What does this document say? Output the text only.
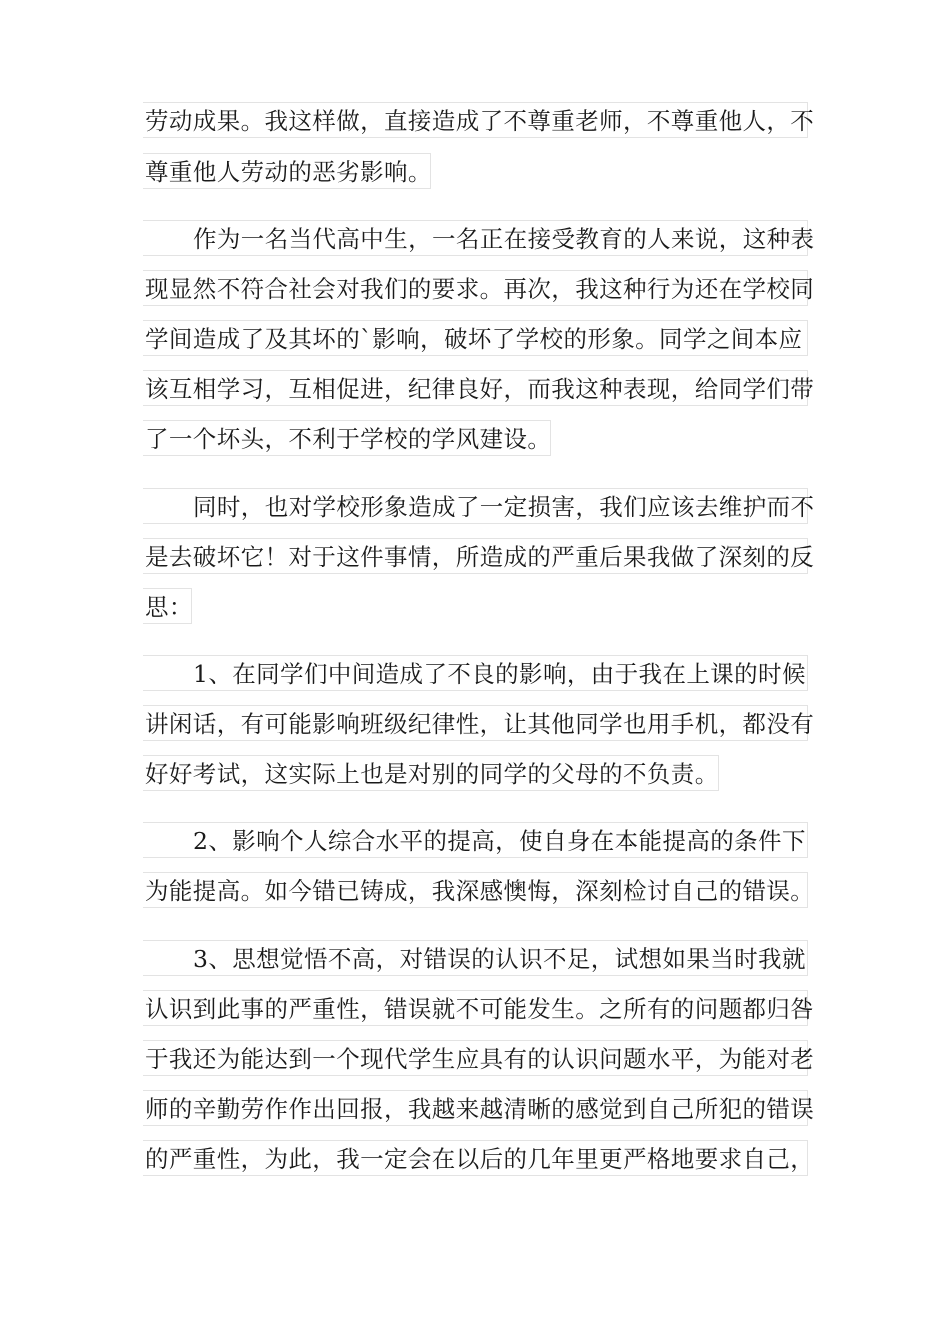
劳动成果。我这样做，直接造成了不尊重老师，不尊重他人，不
尊重他人劳动的恶劣影响。
作为一名当代高中生，一名正在接受教育的人来说，这种表
现显然不符合社会对我们的要求。再次，我这种行为还在学校同
学间造成了及其坏的`影响，破坏了学校的形象。同学之间本应
该互相学习，互相促进，纪律良好，而我这种表现，给同学们带
了一个坏头，不利于学校的学风建设。
同时，也对学校形象造成了一定损害，我们应该去维护而不
是去破坏它！对于这件事情，所造成的严重后果我做了深刻的反
思：
1、在同学们中间造成了不良的影响，由于我在上课的时候
讲闲话，有可能影响班级纪律性，让其他同学也用手机，都没有
好好考试，这实际上也是对别的同学的父母的不负责。
2、影响个人综合水平的提高，使自身在本能提高的条件下
为能提高。如今错已铸成，我深感懊悔，深刻检讨自己的错误。
3、思想觉悟不高，对错误的认识不足，试想如果当时我就
认识到此事的严重性，错误就不可能发生。之所有的问题都归咎
于我还为能达到一个现代学生应具有的认识问题水平，为能对老
师的辛勤劳作作出回报，我越来越清晰的感觉到自己所犯的错误
的严重性，为此，我一定会在以后的几年里更严格地要求自己，
